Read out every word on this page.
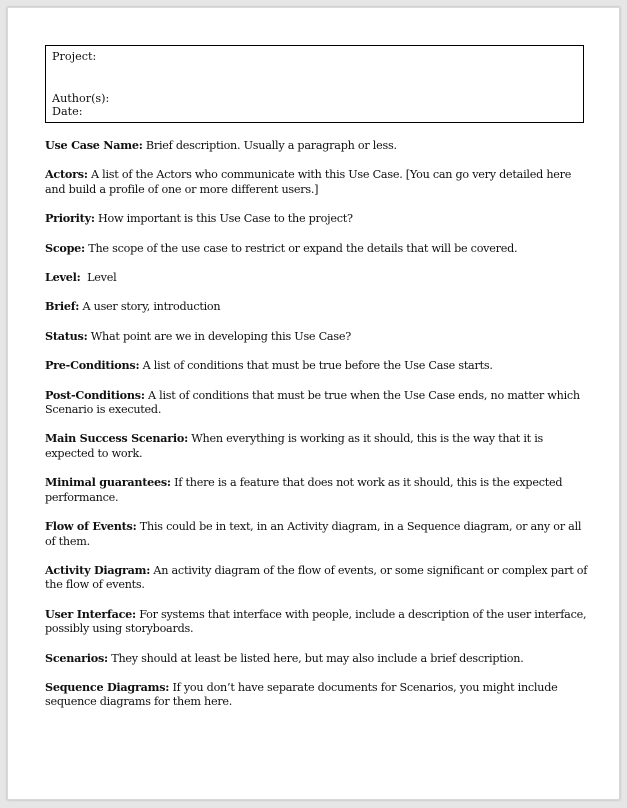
Project:
Author(s):
Date:

Use Case Name: Brief description. Usually a paragraph or less.

Actors: A list of the Actors who communicate with this Use Case. [You can go very detailed here and build a profile of one or more different users.]

Priority: How important is this Use Case to the project?

Scope: The scope of the use case to restrict or expand the details that will be covered.

Level:  Level

Brief: A user story, introduction

Status: What point are we in developing this Use Case?

Pre-Conditions: A list of conditions that must be true before the Use Case starts.

Post-Conditions: A list of conditions that must be true when the Use Case ends, no matter which Scenario is executed.

Main Success Scenario: When everything is working as it should, this is the way that it is expected to work.

Minimal guarantees: If there is a feature that does not work as it should, this is the expected performance.

Flow of Events: This could be in text, in an Activity diagram, in a Sequence diagram, or any or all of them.

Activity Diagram: An activity diagram of the flow of events, or some significant or complex part of the flow of events.

User Interface: For systems that interface with people, include a description of the user interface, possibly using storyboards.

Scenarios: They should at least be listed here, but may also include a brief description.

Sequence Diagrams: If you don’t have separate documents for Scenarios, you might include sequence diagrams for them here.
